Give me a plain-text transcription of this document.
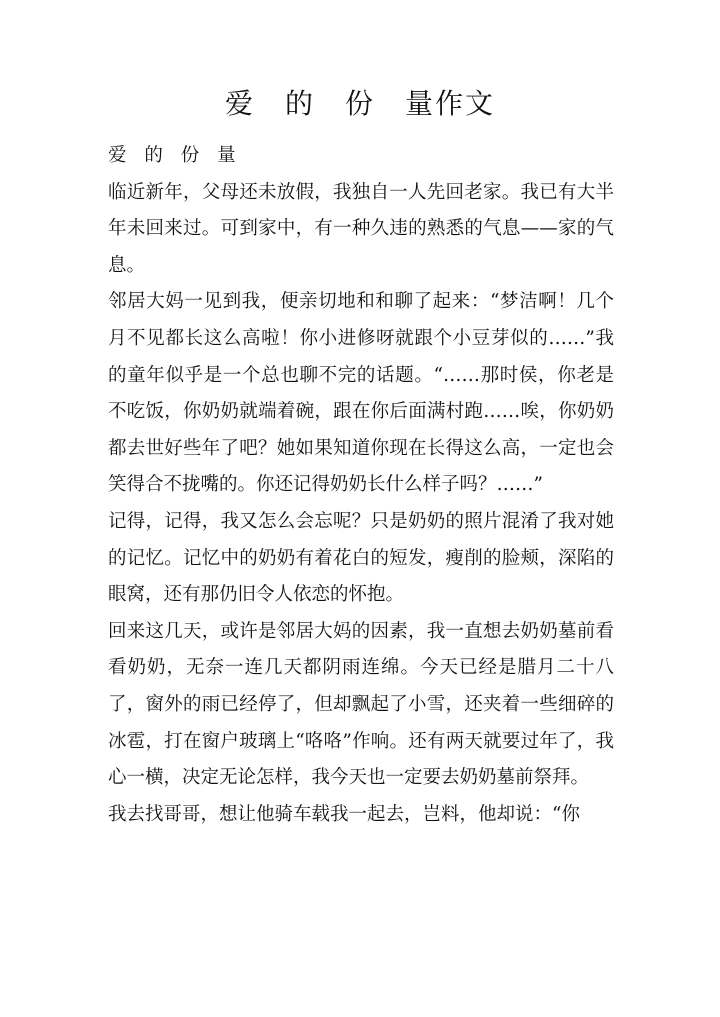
爱　的　份　量作文

爱 的 份 量

临近新年，父母还未放假，我独自一人先回老家。我已有大半年未回来过。可到家中，有一种久违的熟悉的气息——家的气息。

邻居大妈一见到我，便亲切地和和聊了起来：“梦洁啊！几个月不见都长这么高啦！你小进修呀就跟个小豆芽似的……”我的童年似乎是一个总也聊不完的话题。“……那时侯，你老是不吃饭，你奶奶就端着碗，跟在你后面满村跑……唉，你奶奶都去世好些年了吧？她如果知道你现在长得这么高，一定也会笑得合不拢嘴的。你还记得奶奶长什么样子吗？……”

记得，记得，我又怎么会忘呢？只是奶奶的照片混淆了我对她的记忆。记忆中的奶奶有着花白的短发，瘦削的脸颊，深陷的眼窝，还有那仍旧令人依恋的怀抱。

回来这几天，或许是邻居大妈的因素，我一直想去奶奶墓前看看奶奶，无奈一连几天都阴雨连绵。今天已经是腊月二十八了，窗外的雨已经停了，但却飘起了小雪，还夹着一些细碎的冰雹，打在窗户玻璃上“咯咯”作响。还有两天就要过年了，我心一横，决定无论怎样，我今天也一定要去奶奶墓前祭拜。

我去找哥哥，想让他骑车载我一起去，岂料，他却说：“你
